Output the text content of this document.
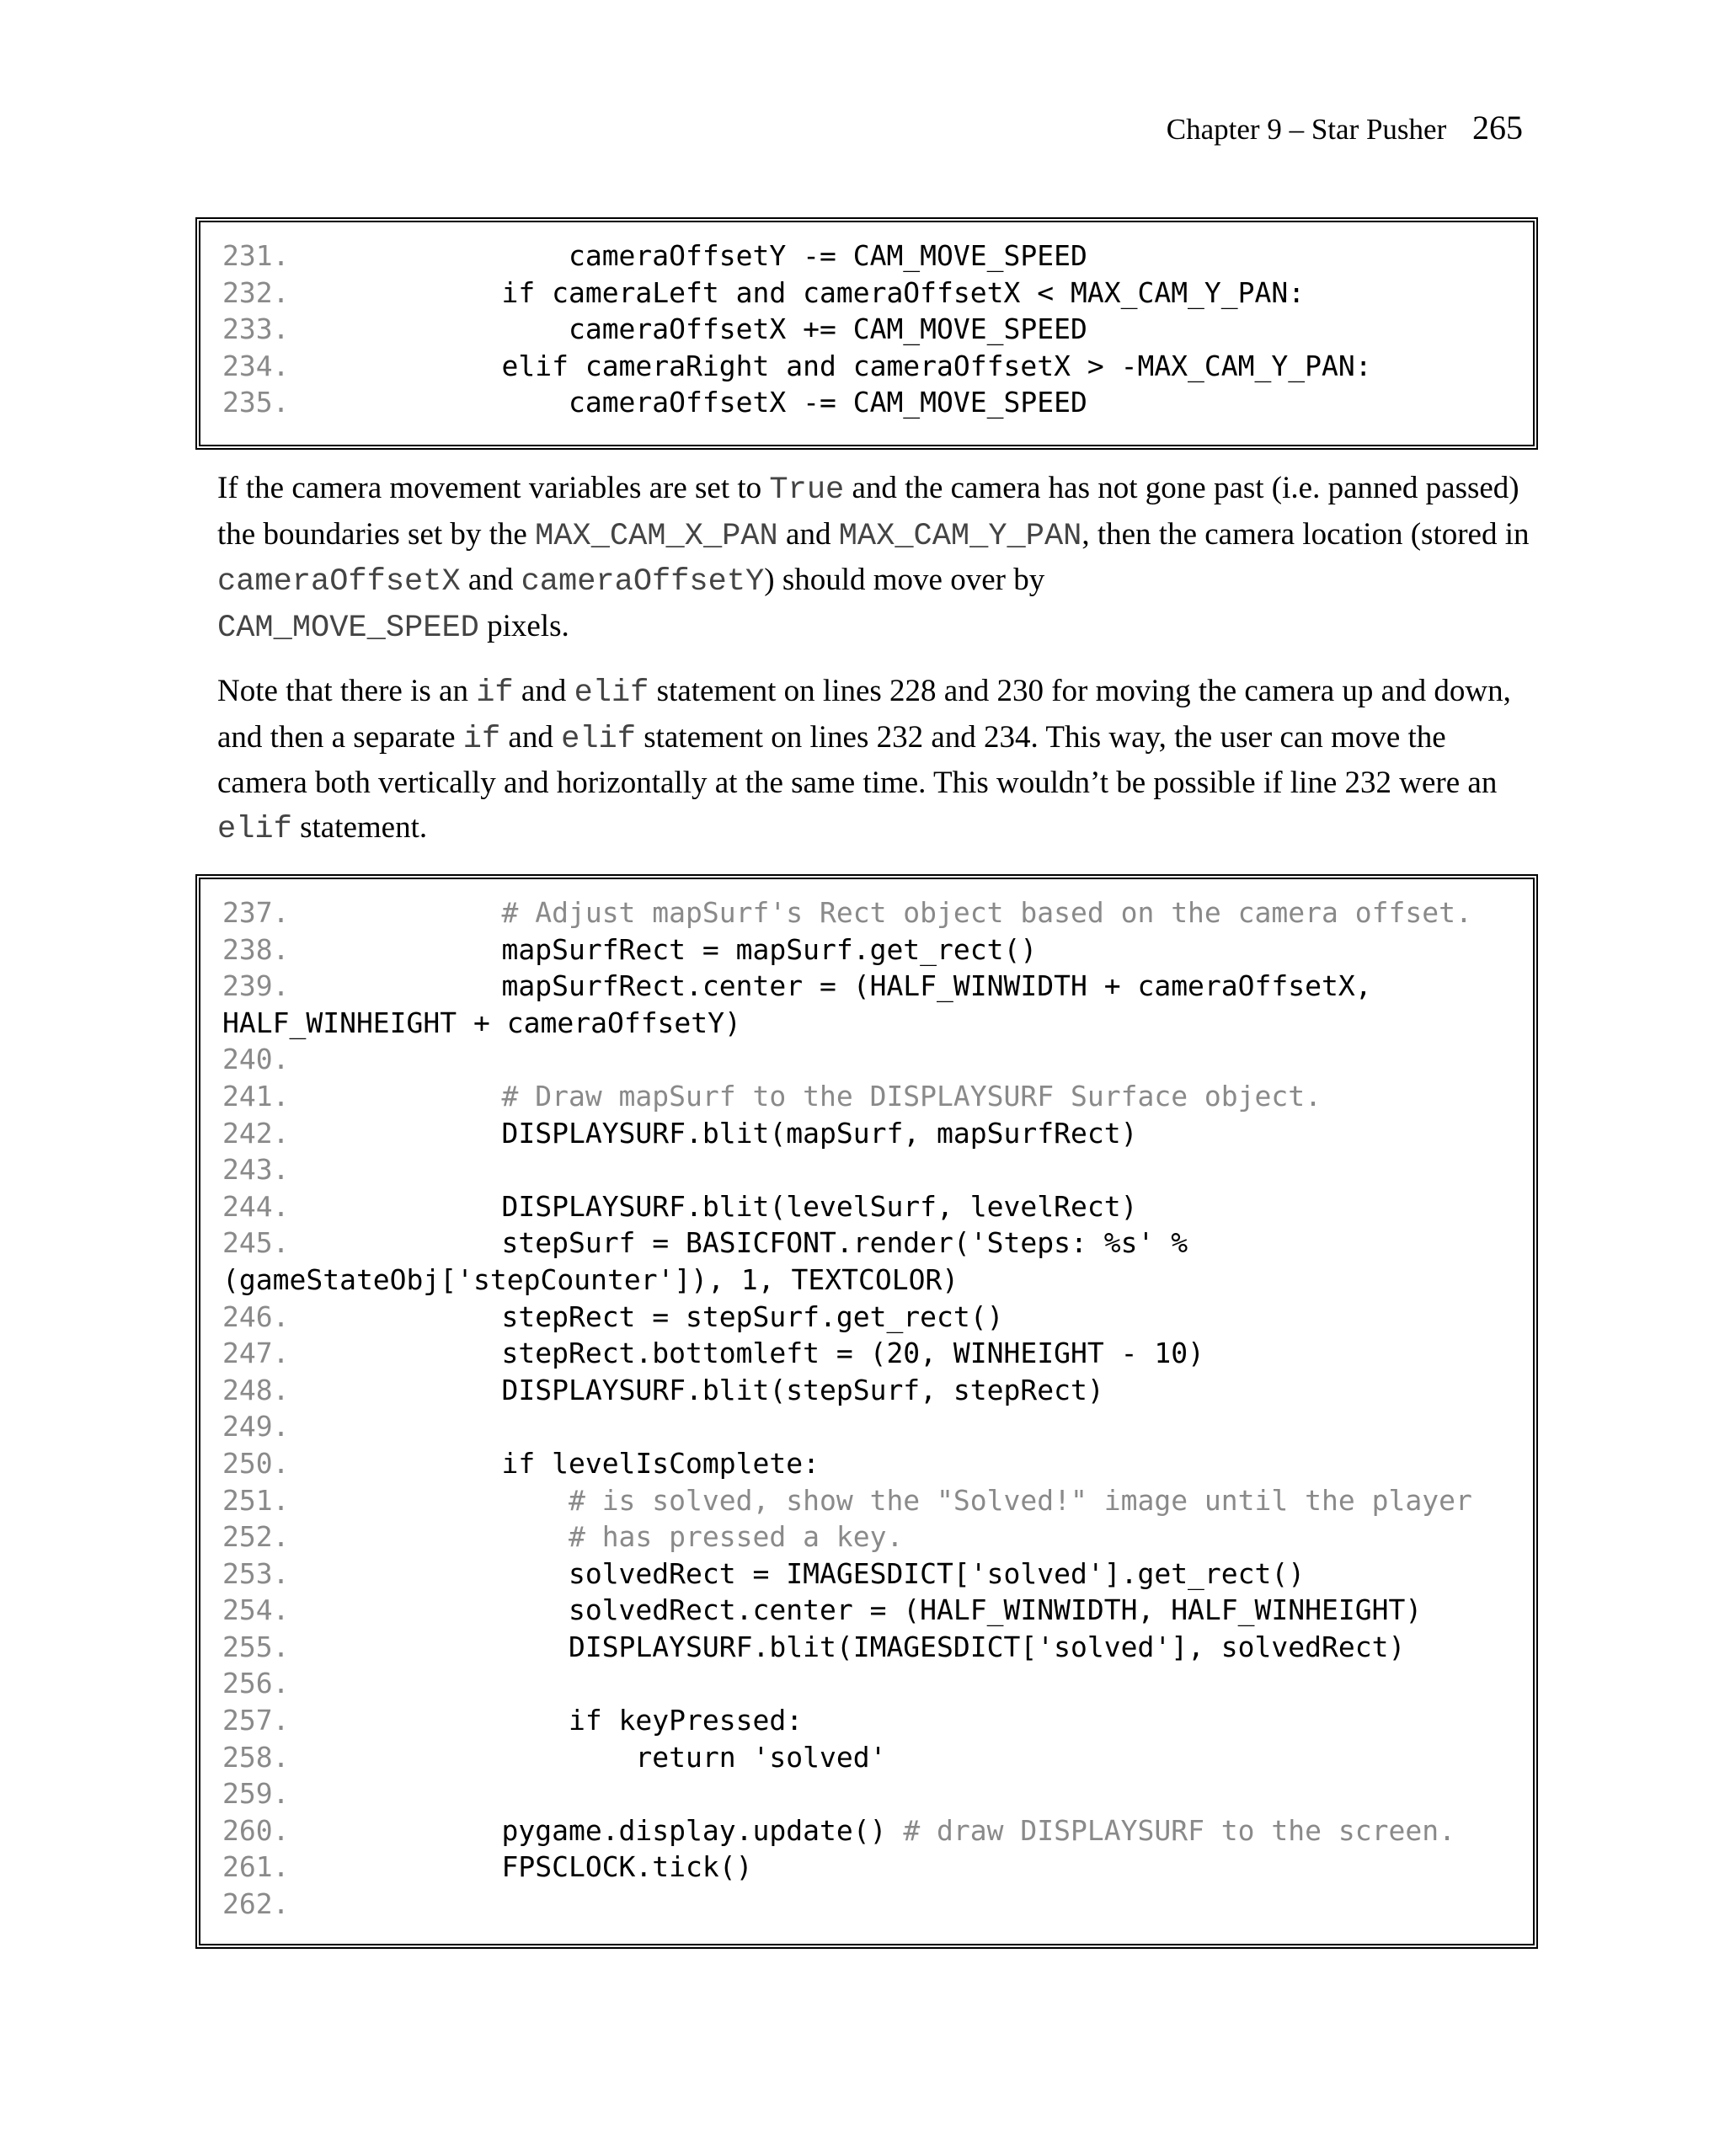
Chapter 9 – Star Pusher 265
231.	cameraOffsetY -= CAM_MOVE_SPEED
232.	if cameraLeft and cameraOffsetX < MAX_CAM_Y_PAN:
233.	cameraOffsetX += CAM_MOVE_SPEED
234.	elif cameraRight and cameraOffsetX > -MAX_CAM_Y_PAN:
235.	cameraOffsetX -= CAM_MOVE_SPEED

If the camera movement variables are set to True and the camera has not gone past (i.e. panned passed) the boundaries set by the MAX_CAM_X_PAN and MAX_CAM_Y_PAN, then the camera location (stored in cameraOffsetX and cameraOffsetY) should move over by
CAM_MOVE_SPEED pixels.

Note that there is an if and elif statement on lines 228 and 230 for moving the camera up and down, and then a separate if and elif statement on lines 232 and 234. This way, the user can move the camera both vertically and horizontally at the same time. This wouldn’t be possible if line 232 were an elif statement.

237.	# Adjust mapSurf's Rect object based on the camera offset.
238.	mapSurfRect = mapSurf.get_rect()
239.	mapSurfRect.center = (HALF_WINWIDTH + cameraOffsetX,
HALF_WINHEIGHT + cameraOffsetY)
240.
241.	# Draw mapSurf to the DISPLAYSURF Surface object.
242.	DISPLAYSURF.blit(mapSurf, mapSurfRect)
243.
244.	DISPLAYSURF.blit(levelSurf, levelRect)
245.	stepSurf = BASICFONT.render('Steps: %s' %
(gameStateObj['stepCounter']), 1, TEXTCOLOR)
246.	stepRect = stepSurf.get_rect()
247.	stepRect.bottomleft = (20, WINHEIGHT - 10)
248.	DISPLAYSURF.blit(stepSurf, stepRect)
249.
250.	if levelIsComplete:
251.	# is solved, show the "Solved!" image until the player
252.	# has pressed a key.
253.	solvedRect = IMAGESDICT['solved'].get_rect()
254.	solvedRect.center = (HALF_WINWIDTH, HALF_WINHEIGHT)
255.	DISPLAYSURF.blit(IMAGESDICT['solved'], solvedRect)
256.
257.	if keyPressed:
258.	return 'solved'
259.
260.	pygame.display.update() # draw DISPLAYSURF to the screen.
261.	FPSCLOCK.tick()
262.
